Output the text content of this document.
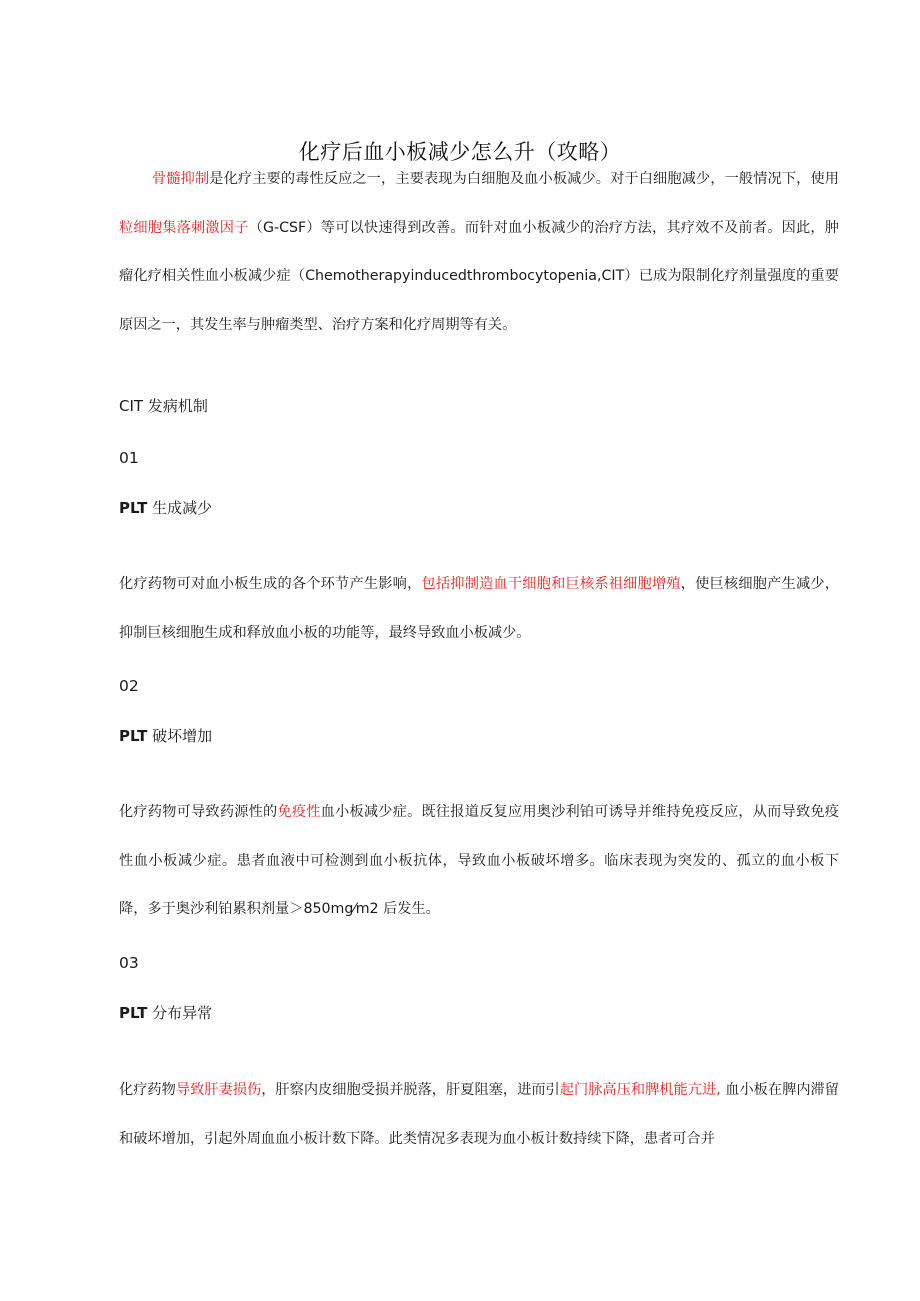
化疗后血小板减少怎么升（攻略）

骨髓抑制是化疗主要的毒性反应之一，主要表现为白细胞及血小板减少。对于白细胞减少，一般情况下，使用粒细胞集落刺激因子（G-CSF）等可以快速得到改善。而针对血小板减少的治疗方法，其疗效不及前者。因此，肿瘤化疗相关性血小板减少症（Chemotherapyinducedthrombocytopenia,CIT）已成为限制化疗剂量强度的重要原因之一，其发生率与肿瘤类型、治疗方案和化疗周期等有关。

CIT 发病机制

01

PLT 生成减少

化疗药物可对血小板生成的各个环节产生影响，包括抑制造血干细胞和巨核系祖细胞增殖，使巨核细胞产生减少，抑制巨核细胞生成和释放血小板的功能等，最终导致血小板减少。

02

PLT 破坏增加

化疗药物可导致药源性的免疫性血小板减少症。既往报道反复应用奥沙利铂可诱导并维持免疫反应，从而导致免疫性血小板减少症。患者血液中可检测到血小板抗体，导致血小板破坏增多。临床表现为突发的、孤立的血小板下降，多于奥沙利铂累积剂量＞850mg⁄m2 后发生。

03

PLT 分布异常

化疗药物导致肝妻损伤，肝察内皮细胞受损并脱落，肝夏阻塞，进而引起门脉高压和脾机能亢进, 血小板在脾内滞留和破坏增加，引起外周血血小板计数下降。此类情况多表现为血小板计数持续下降，患者可合并
